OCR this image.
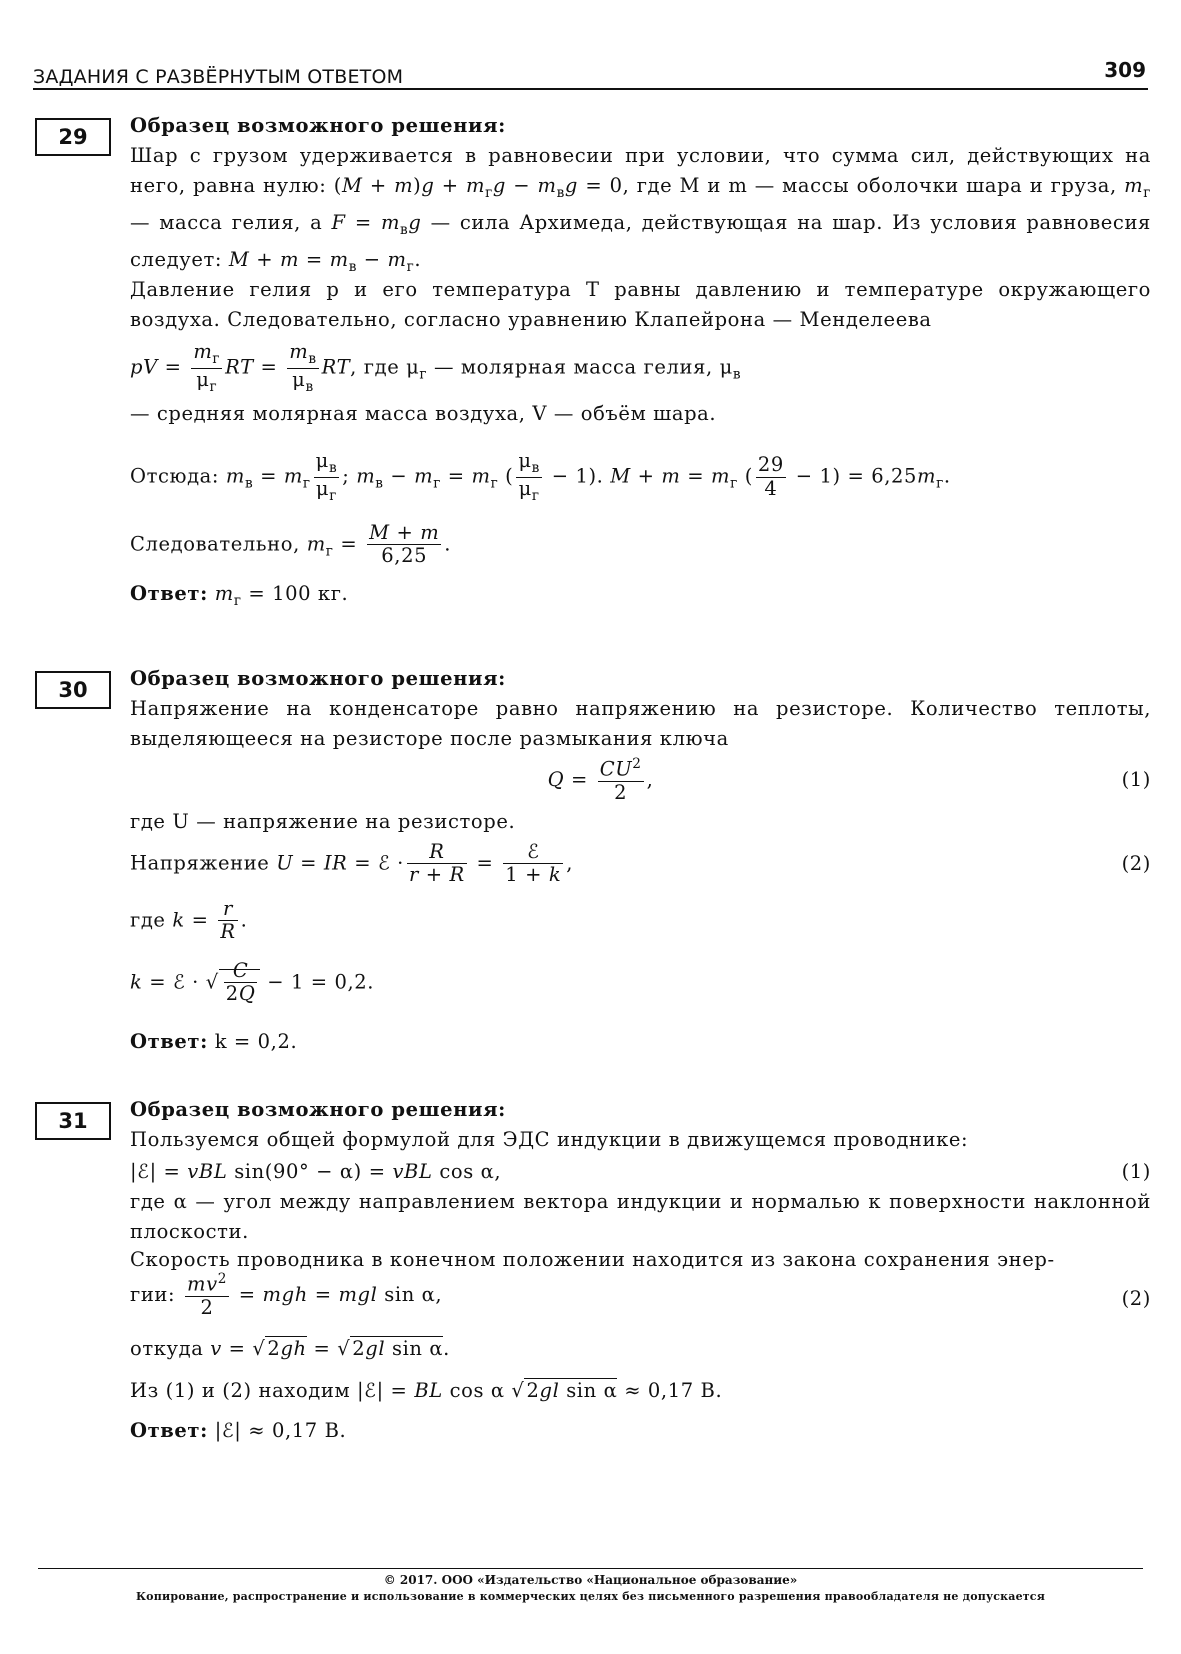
ЗАДАНИЯ С РАЗВЁРНУТЫМ ОТВЕТОМ	309
29	Образец возможного решения:

Шар с грузом удерживается в равновесии при условии, что сумма сил, действующих на него, равна нулю: $(M + m)g + m_гg - m_вg = 0$, где M и m — массы оболочки шара и груза, $m_г$ — масса гелия, а $F = m_вg$ — сила Архимеда, действующая на шар. Из условия равновесия следует: $M + m = m_в - m_г$.

Давление гелия p и его температура T равны давлению и температуре окружающего воздуха. Следовательно, согласно уравнению Клапейрона — Менделеева

pV = $\frac{m_г}{\mu_г}$ RT = $\frac{m_в}{\mu_в}$ RT, где $\mu_г$ — молярная масса гелия, $\mu_в$

— средняя молярная масса воздуха, V — объём шара.

Отсюда: $m_в = m_г \frac{\mu_в}{\mu_г}$ ; $m_в - m_г = m_г$ ( $\frac{\mu_в}{\mu_г} - 1$). $M + m = m_г$ ( $\frac{29}{4} - 1) = 6,25m_г$.
Следовательно, $m_г = \frac{M + m}{6,25}$ .
Ответ: $m_г = 100$ кг.
30	Образец возможного решения:

Напряжение на конденсаторе равно напряжению на резисторе. Количество теплоты, выделяющееся на резисторе после размыкания ключа

$Q = \frac{CU^2}{2}$ ,	(1)
где U — напряжение на резисторе.
Напряжение U = IR = ℰ · $\frac{R}{r + R} = \frac{\text{ℰ}}{1 + k}$ ,	(2)
где $k = \frac{r}{R}$ .
k = ℰ · √ $\frac{C}{2Q} - 1 = 0,2$.
Ответ: k = 0,2.
31	Образец возможного решения:

Пользуемся общей формулой для ЭДС индукции в движущемся проводнике:

|ℰ| = vBL sin(90° − α) = vBL cos α,	(1)

где α — угол между направлением вектора индукции и нормалью к поверхности наклонной плоскости.

Скорость проводника в конечном положении находится из закона сохранения энер-
гии: $\frac{mv^2}{2}$ = mgh = mgl sin α,	(2)
откуда v = √ 2gh = √ 2gl sin α.
Из (1) и (2) находим |ℰ| = BL cos α √ 2gl sin α ≈ 0,17 В.
Ответ: |ℰ| ≈ 0,17 В.
© 2017. ООО «Издательство «Национальное образование»
Копирование, распространение и использование в коммерческих целях без письменного разрешения правообладателя не допускается
